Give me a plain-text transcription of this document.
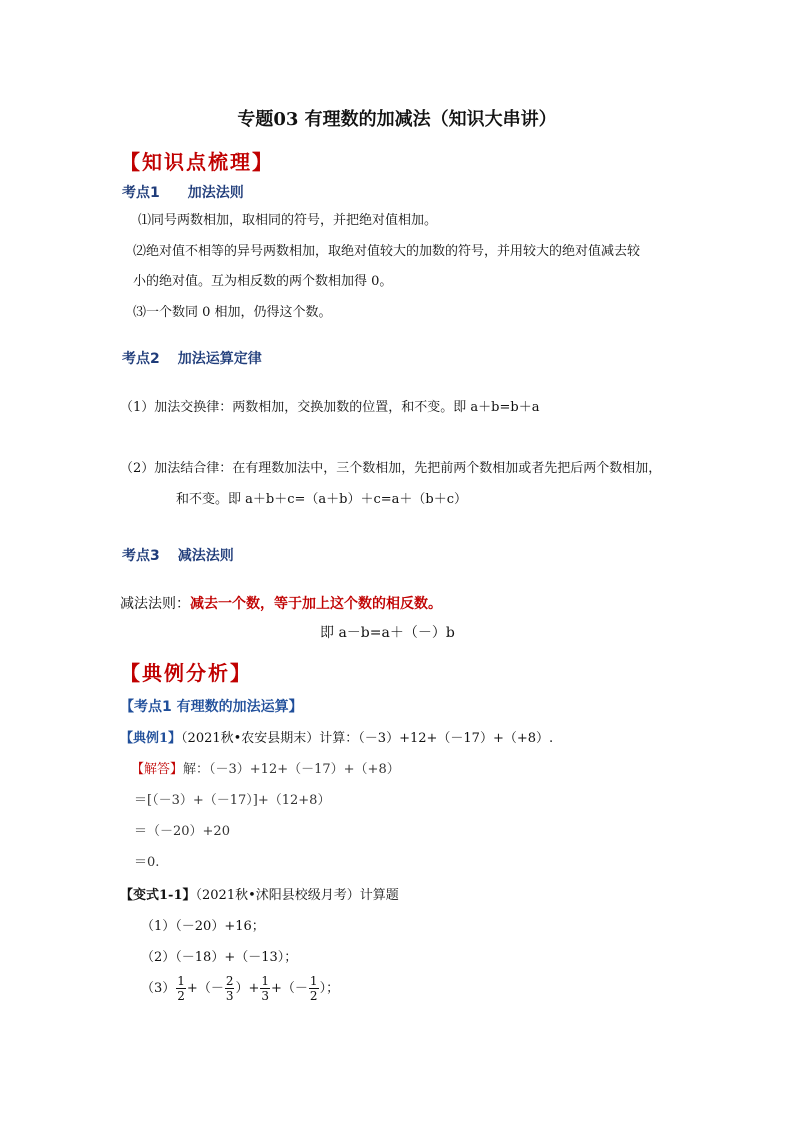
专题03 有理数的加减法（知识大串讲）
【知识点梳理】
考点1 加法法则
⑴同号两数相加，取相同的符号，并把绝对值相加。
⑵绝对值不相等的异号两数相加，取绝对值较大的加数的符号，并用较大的绝对值减去较
小的绝对值。互为相反数的两个数相加得 0。
⑶一个数同 0 相加，仍得这个数。
考点2 加法运算定律
（1）加法交换律：两数相加，交换加数的位置，和不变。即 a＋b=b＋a
（2）加法结合律：在有理数加法中，三个数相加，先把前两个数相加或者先把后两个数相加，
和不变。即 a＋b＋c=（a＋b）＋c=a＋（b＋c）
考点3 减法法则
减法法则：减去一个数，等于加上这个数的相反数。
即 a－b=a＋（－）b
【典例分析】
【考点1 有理数的加法运算】
【典例1】（2021秋•农安县期末）计算：（－3）+12+（－17）+（+8）.
【解答】解：（－3）+12+（－17）+（+8）
＝[（－3）+（－17）]+（12+8）
＝（－20）+20
＝0.
【变式1-1】（2021秋•沭阳县校级月考）计算题
（1）（－20）+16；
（2）（－18）+（－13）；
$(3) \frac{1}{2}$ +（－ $\frac{2}{3}$ ）+ $\frac{1}{3}$ +（－ $\frac{1}{2}$ ）；
